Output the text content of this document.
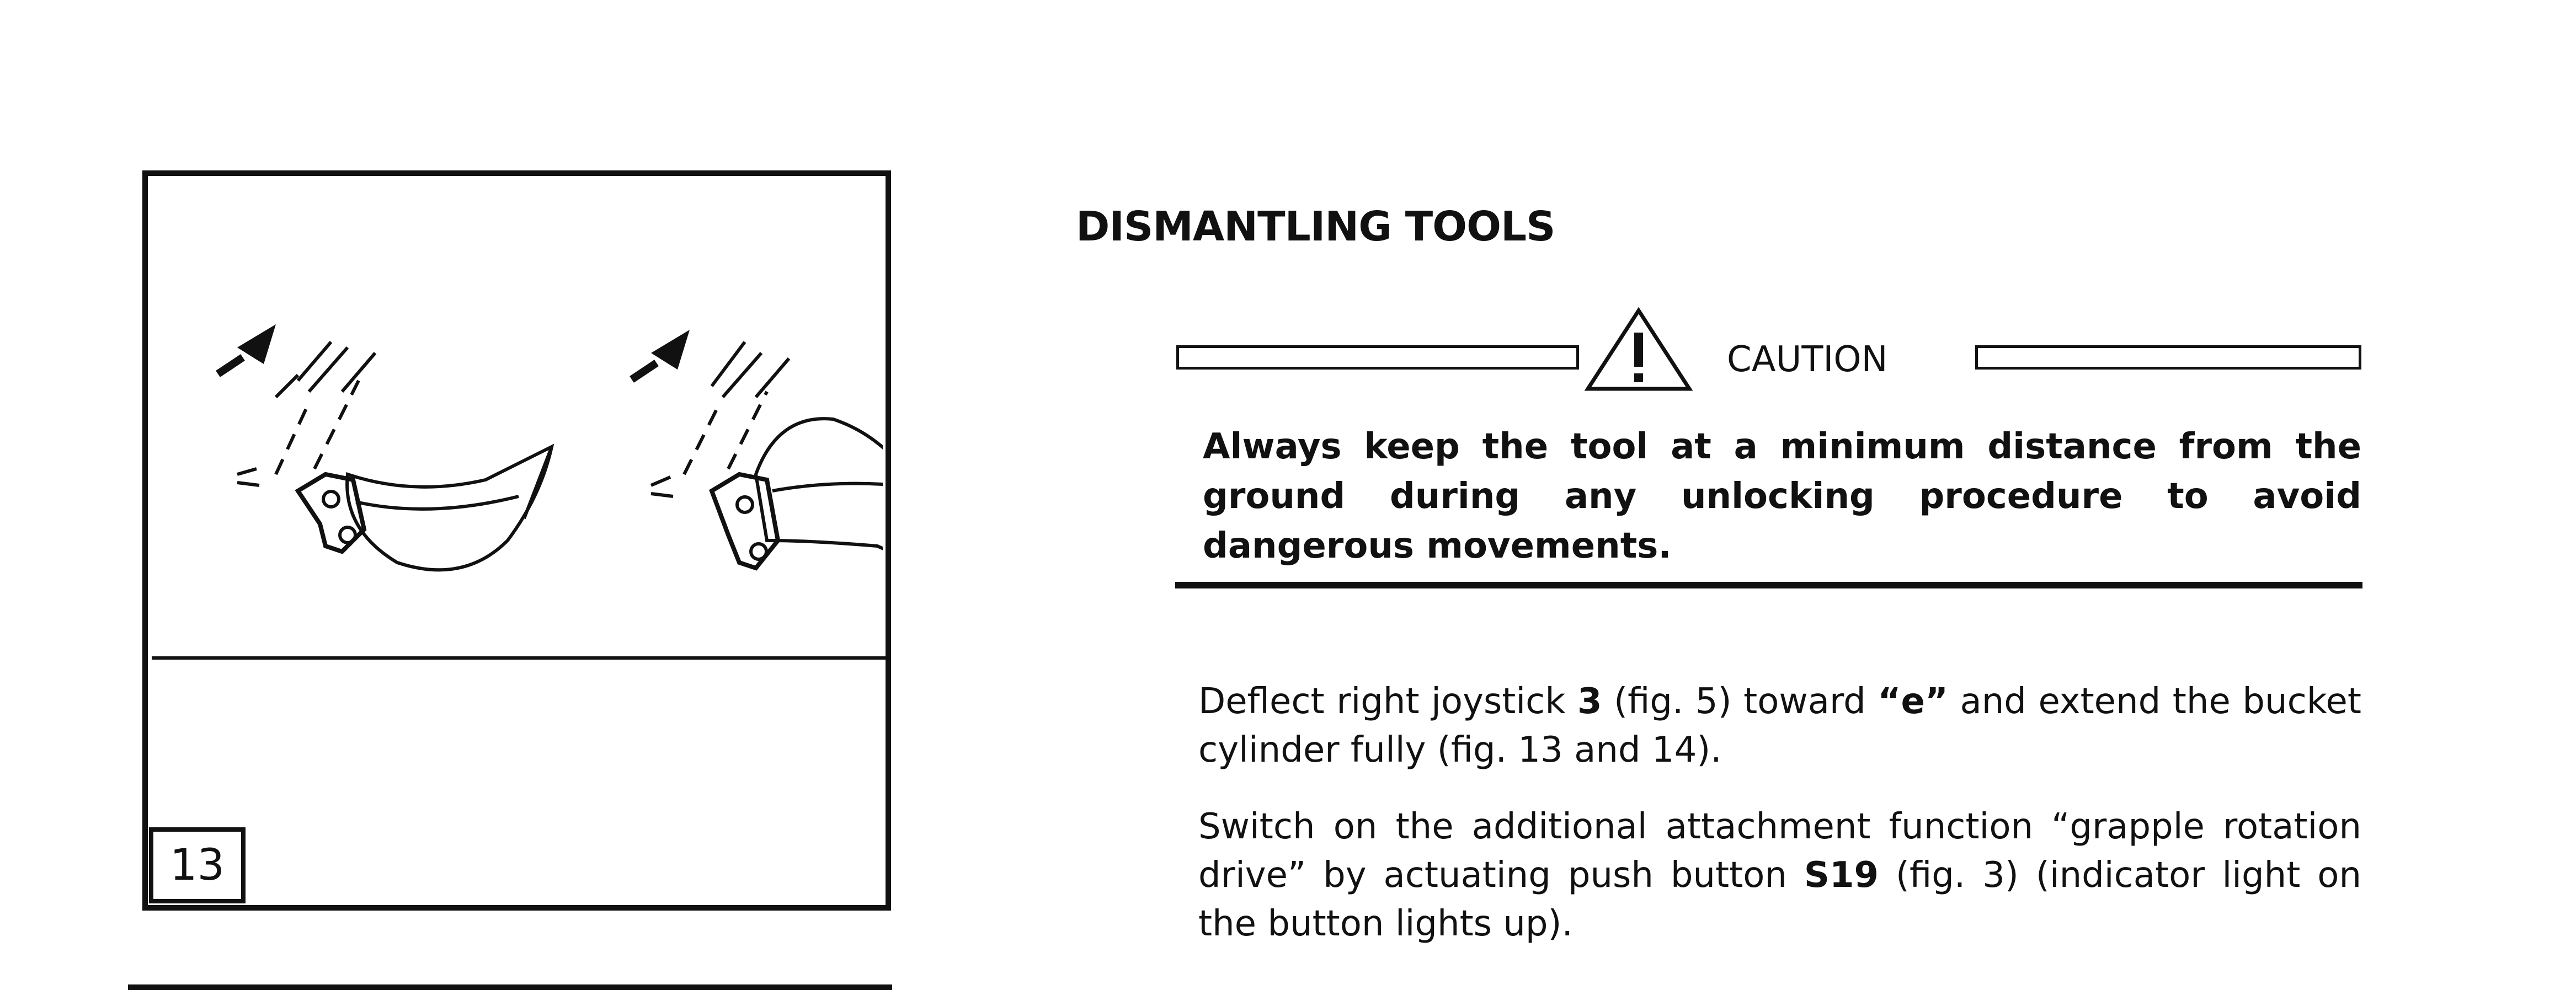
13
DISMANTLING TOOLS
CAUTION
Always keep the tool at a minimum distance from the ground during any unlocking procedure to avoid dangerous movements.
Deflect right joystick 3 (fig. 5) toward “e” and extend the bucket cylinder fully (fig. 13 and 14).
Switch on the additional attachment function “grapple rotation drive” by actuating push button S19 (fig. 3) (indicator light on the button lights up).
